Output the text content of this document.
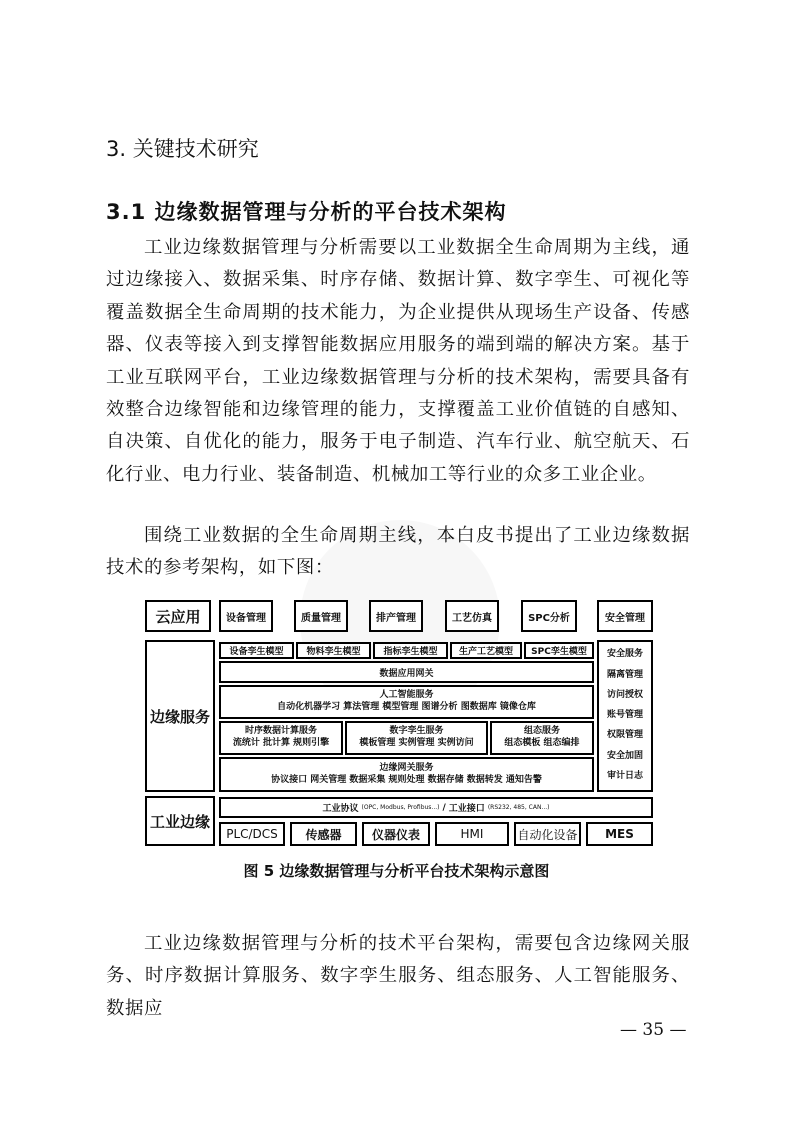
3. 关键技术研究
3.1 边缘数据管理与分析的平台技术架构
工业边缘数据管理与分析需要以工业数据全生命周期为主线，通过边缘接入、数据采集、时序存储、数据计算、数字孪生、可视化等覆盖数据全生命周期的技术能力，为企业提供从现场生产设备、传感器、仪表等接入到支撑智能数据应用服务的端到端的解决方案。基于工业互联网平台，工业边缘数据管理与分析的技术架构，需要具备有效整合边缘智能和边缘管理的能力，支撑覆盖工业价值链的自感知、自决策、自优化的能力，服务于电子制造、汽车行业、航空航天、石化行业、电力行业、装备制造、机械加工等行业的众多工业企业。
围绕工业数据的全生命周期主线，本白皮书提出了工业边缘数据技术的参考架构，如下图：
云应用	设备管理	质量管理	排产管理	工艺仿真	SPC分析	安全管理
边缘服务
设备孪生模型	物料孪生模型	指标孪生模型	生产工艺模型	SPC孪生模型
数据应用网关
人工智能服务
自动化机器学习 算法管理 模型管理 图谱分析 图数据库 镜像仓库
时序数据计算服务
流统计 批计算 规则引擎
数字孪生服务
模板管理 实例管理 实例访问
组态服务
组态模板 组态编排
边缘网关服务
协议接口 网关管理 数据采集 规则处理 数据存储 数据转发 通知告警
安全服务
隔离管理
访问授权
账号管理
权限管理
安全加固
审计日志
工业边缘
工业协议 (OPC, Modbus, Profibus...) / 工业接口 (RS232, 485, CAN...)
PLC/DCS	传感器	仪器仪表	HMI	自动化设备	MES
图 5 边缘数据管理与分析平台技术架构示意图
工业边缘数据管理与分析的技术平台架构，需要包含边缘网关服务、时序数据计算服务、数字孪生服务、组态服务、人工智能服务、数据应
— 35 —
